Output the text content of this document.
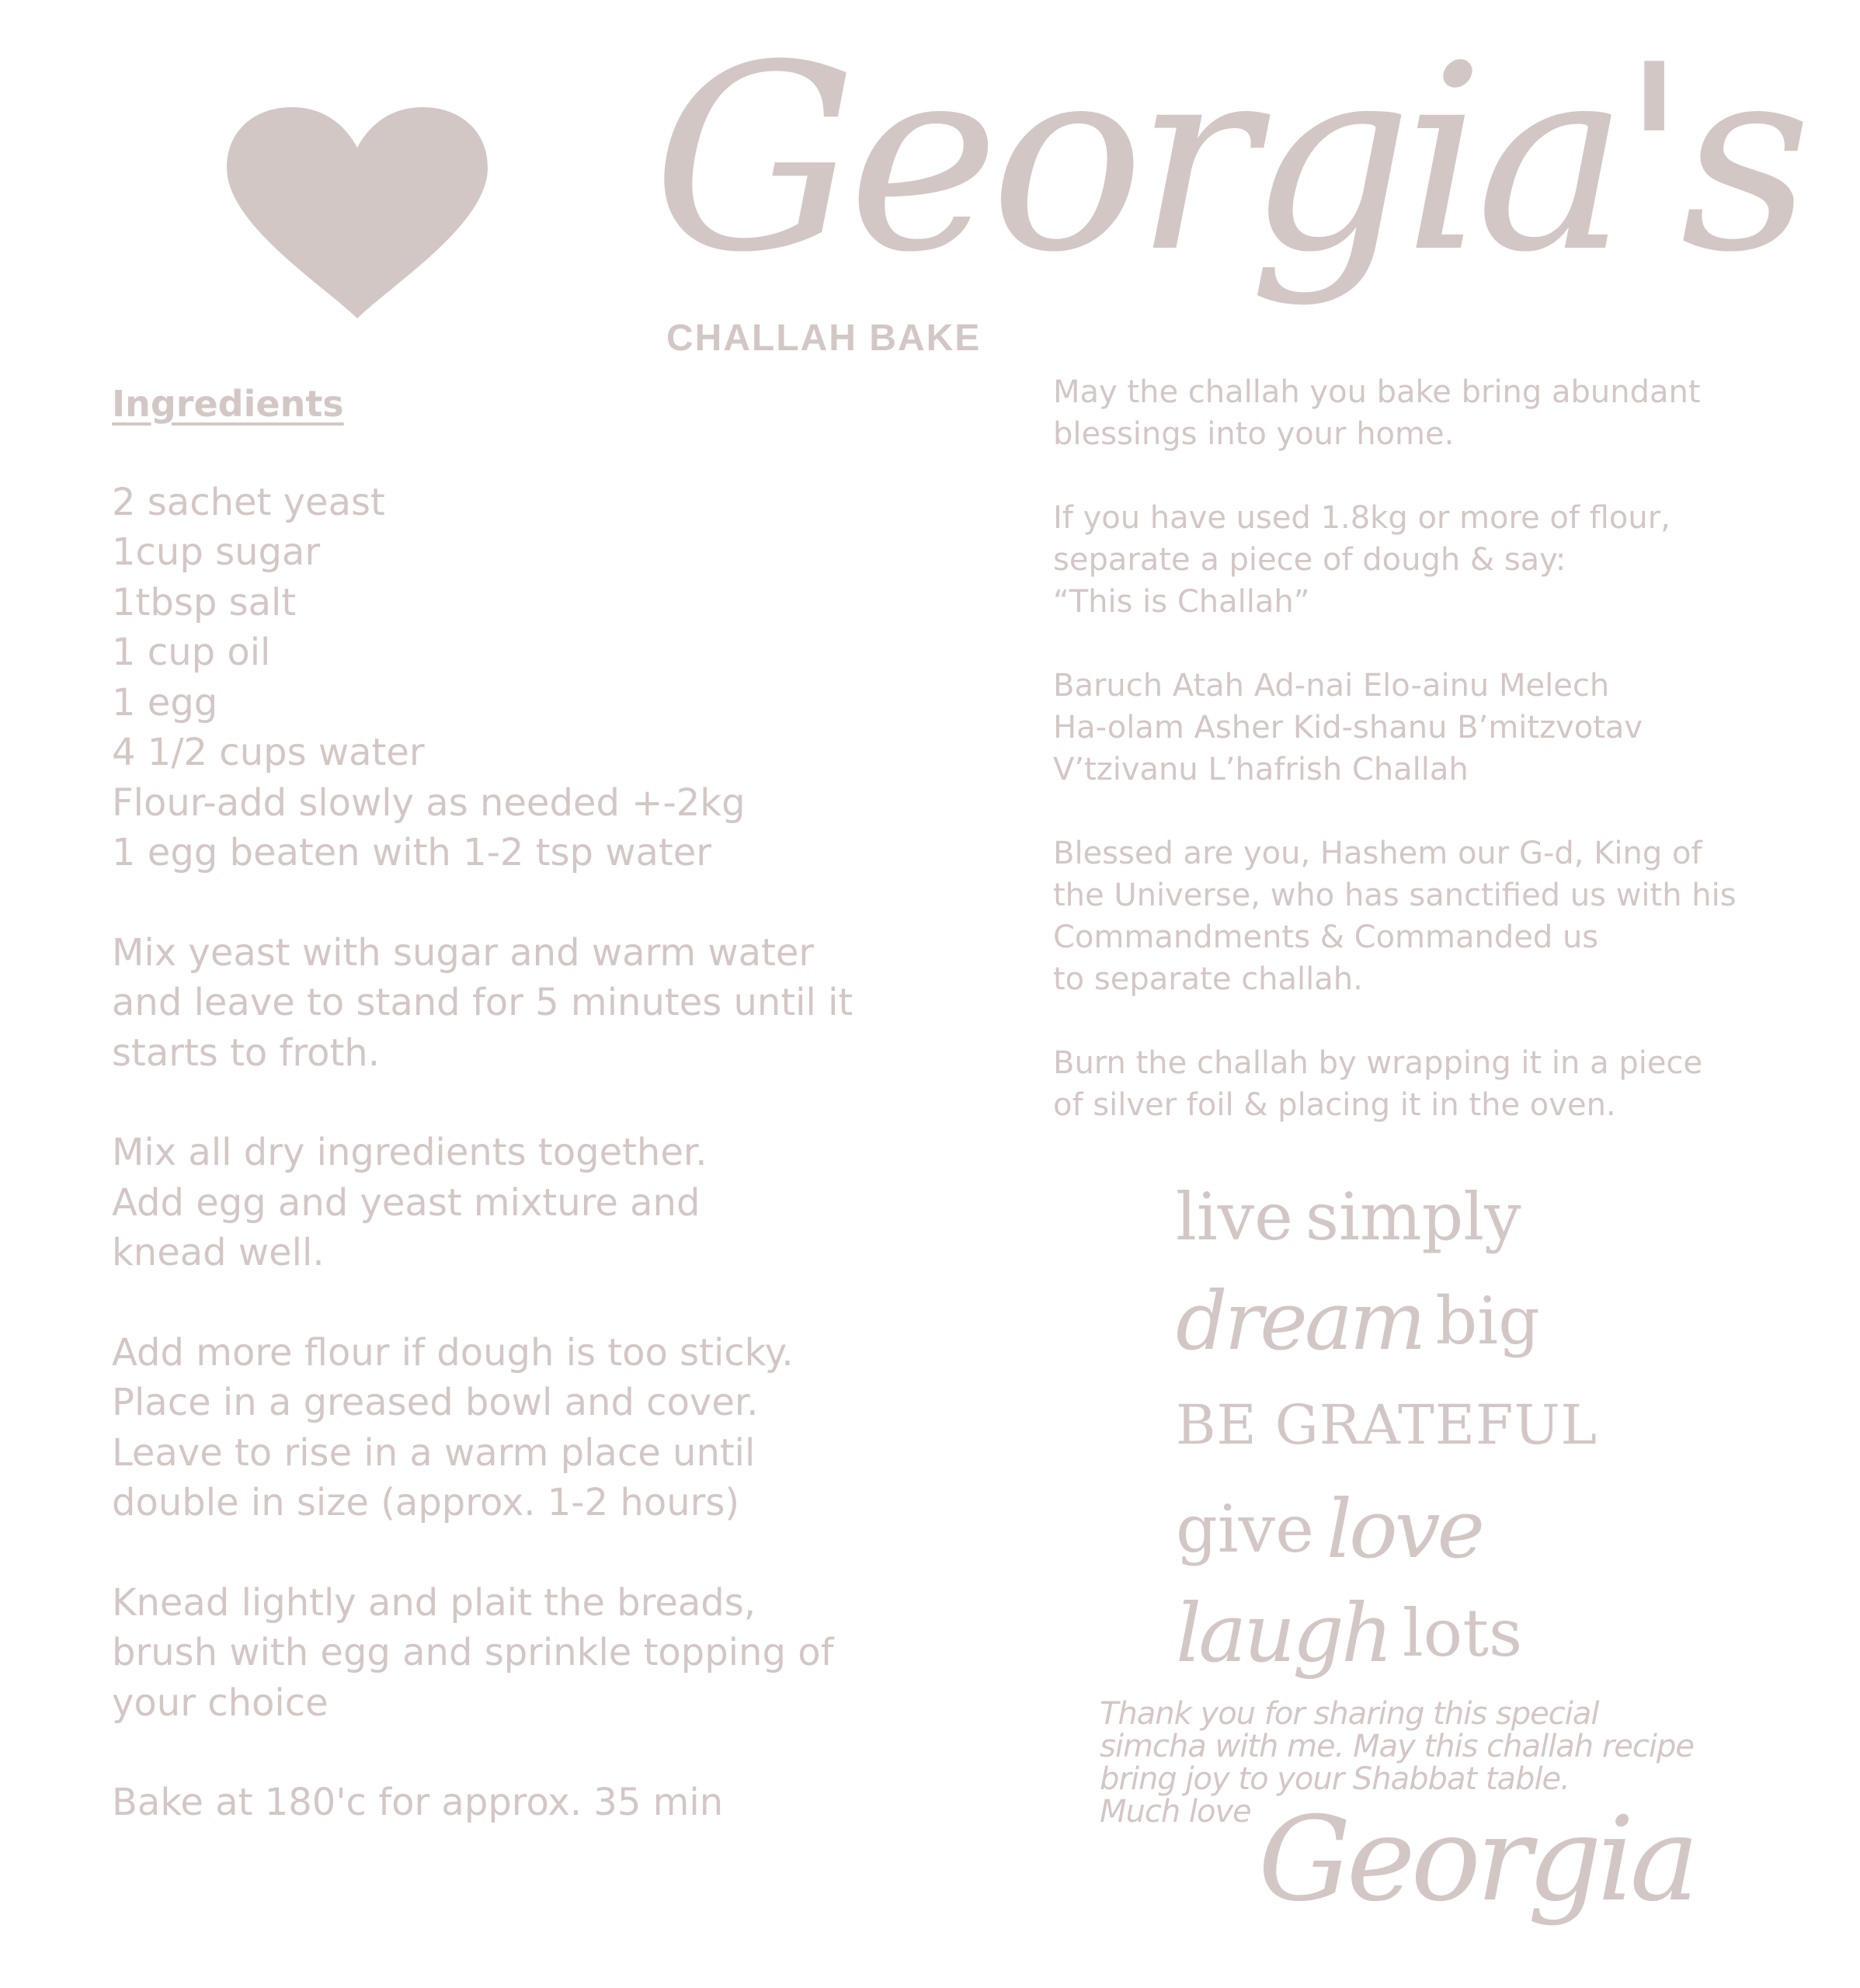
Georgia's
CHALLAH BAKE
Ingredients
2 sachet yeast
1cup sugar
1tbsp salt
1 cup oil
1 egg
4 1/2 cups water
Flour-add slowly as needed +-2kg
1 egg beaten with 1-2 tsp water
Mix yeast with sugar and warm water
and leave to stand for 5 minutes until it
starts to froth.
Mix all dry ingredients together.
Add egg and yeast mixture and
knead well.
Add more flour if dough is too sticky.
Place in a greased bowl and cover.
Leave to rise in a warm place until
double in size (approx. 1-2 hours)
Knead lightly and plait the breads,
brush with egg and sprinkle topping of
your choice
Bake at 180'c for approx. 35 min
May the challah you bake bring abundant
blessings into your home.
If you have used 1.8kg or more of flour,
separate a piece of dough & say:
“This is Challah”
Baruch Atah Ad-nai Elo-ainu Melech
Ha-olam Asher Kid-shanu B’mitzvotav
V’tzivanu L’hafrish Challah
Blessed are you, Hashem our G-d, King of
the Universe, who has sanctified us with his
Commandments & Commanded us
to separate challah.
Burn the challah by wrapping it in a piece
of silver foil & placing it in the oven.
live simply
dream big
BE GRATEFUL
give love
laugh lots
Thank you for sharing this special
simcha with me. May this challah recipe
bring joy to your Shabbat table.
Much love Georgia
